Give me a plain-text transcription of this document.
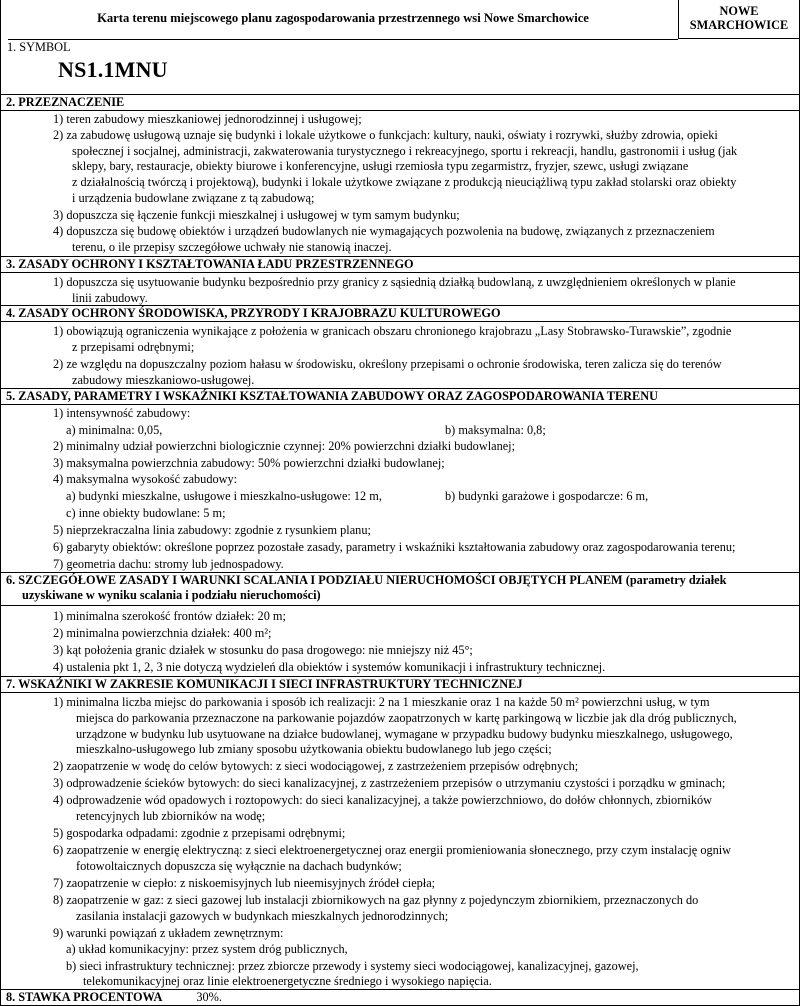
Karta terenu miejscowego planu zagospodarowania przestrzennego wsi Nowe Smarchowice	NOWE
SMARCHOWICE
1. SYMBOL
NS1.1MNU
2. PRZEZNACZENIE
1) teren zabudowy mieszkaniowej jednorodzinnej i usługowej;
2) za zabudowę usługową uznaje się budynki i lokale użytkowe o funkcjach: kultury, nauki, oświaty i rozrywki, służby zdrowia, opieki
społecznej i socjalnej, administracji, zakwaterowania turystycznego i rekreacyjnego, sportu i rekreacji, handlu, gastronomii i usług (jak
sklepy, bary, restauracje, obiekty biurowe i konferencyjne, usługi rzemiosła typu zegarmistrz, fryzjer, szewc, usługi związane
z działalnością twórczą i projektową), budynki i lokale użytkowe związane z produkcją nieuciążliwą typu zakład stolarski oraz obiekty
i urządzenia budowlane związane z tą zabudową;
3) dopuszcza się łączenie funkcji mieszkalnej i usługowej w tym samym budynku;
4) dopuszcza się budowę obiektów i urządzeń budowlanych nie wymagających pozwolenia na budowę, związanych z przeznaczeniem
terenu, o ile przepisy szczegółowe uchwały nie stanowią inaczej.
3. ZASADY OCHRONY I KSZTAŁTOWANIA ŁADU PRZESTRZENNEGO
1) dopuszcza się usytuowanie budynku bezpośrednio przy granicy z sąsiednią działką budowlaną, z uwzględnieniem określonych w planie
linii zabudowy.
4. ZASADY OCHRONY ŚRODOWISKA, PRZYRODY I KRAJOBRAZU KULTUROWEGO
1) obowiązują ograniczenia wynikające z położenia w granicach obszaru chronionego krajobrazu „Lasy Stobrawsko-Turawskie”, zgodnie
z przepisami odrębnymi;
2) ze względu na dopuszczalny poziom hałasu w środowisku, określony przepisami o ochronie środowiska, teren zalicza się do terenów
zabudowy mieszkaniowo-usługowej.
5. ZASADY, PARAMETRY I WSKAŹNIKI KSZTAŁTOWANIA ZABUDOWY ORAZ ZAGOSPODAROWANIA TERENU
1) intensywność zabudowy:
a) minimalna: 0,05,	b) maksymalna: 0,8;
2) minimalny udział powierzchni biologicznie czynnej: 20% powierzchni działki budowlanej;
3) maksymalna powierzchnia zabudowy: 50% powierzchni działki budowlanej;
4) maksymalna wysokość zabudowy:
a) budynki mieszkalne, usługowe i mieszkalno-usługowe: 12 m,	b) budynki garażowe i gospodarcze: 6 m,
c) inne obiekty budowlane: 5 m;
5) nieprzekraczalna linia zabudowy: zgodnie z rysunkiem planu;
6) gabaryty obiektów: określone poprzez pozostałe zasady, parametry i wskaźniki kształtowania zabudowy oraz zagospodarowania terenu;
7) geometria dachu: stromy lub jednospadowy.
6. SZCZEGÓŁOWE ZASADY I WARUNKI SCALANIA I PODZIAŁU NIERUCHOMOŚCI OBJĘTYCH PLANEM (parametry działek
uzyskiwane w wyniku scalania i podziału nieruchomości)
1) minimalna szerokość frontów działek: 20 m;
2) minimalna powierzchnia działek: 400 m²;
3) kąt położenia granic działek w stosunku do pasa drogowego: nie mniejszy niż 45°;
4) ustalenia pkt 1, 2, 3 nie dotyczą wydzieleń dla obiektów i systemów komunikacji i infrastruktury technicznej.
7. WSKAŹNIKI W ZAKRESIE KOMUNIKACJI I SIECI INFRASTRUKTURY TECHNICZNEJ
1) minimalna liczba miejsc do parkowania i sposób ich realizacji: 2 na 1 mieszkanie oraz 1 na każde 50 m² powierzchni usług, w tym
miejsca do parkowania przeznaczone na parkowanie pojazdów zaopatrzonych w kartę parkingową w liczbie jak dla dróg publicznych,
urządzone w budynku lub usytuowane na działce budowlanej, wymagane w przypadku budowy budynku mieszkalnego, usługowego,
mieszkalno-usługowego lub zmiany sposobu użytkowania obiektu budowlanego lub jego części;
2) zaopatrzenie w wodę do celów bytowych: z sieci wodociągowej, z zastrzeżeniem przepisów odrębnych;
3) odprowadzenie ścieków bytowych: do sieci kanalizacyjnej, z zastrzeżeniem przepisów o utrzymaniu czystości i porządku w gminach;
4) odprowadzenie wód opadowych i roztopowych: do sieci kanalizacyjnej, a także powierzchniowo, do dołów chłonnych, zbiorników
retencyjnych lub zbiorników na wodę;
5) gospodarka odpadami: zgodnie z przepisami odrębnymi;
6) zaopatrzenie w energię elektryczną: z sieci elektroenergetycznej oraz energii promieniowania słonecznego, przy czym instalację ogniw
fotowoltaicznych dopuszcza się wyłącznie na dachach budynków;
7) zaopatrzenie w ciepło: z niskoemisyjnych lub nieemisyjnych źródeł ciepła;
8) zaopatrzenie w gaz: z sieci gazowej lub instalacji zbiornikowych na gaz płynny z pojedynczym zbiornikiem, przeznaczonych do
zasilania instalacji gazowych w budynkach mieszkalnych jednorodzinnych;
9) warunki powiązań z układem zewnętrznym:
a) układ komunikacyjny: przez system dróg publicznych,
b) sieci infrastruktury technicznej: przez zbiorcze przewody i systemy sieci wodociągowej, kanalizacyjnej, gazowej,
telekomunikacyjnej oraz linie elektroenergetyczne średniego i wysokiego napięcia.
8. STAWKA PROCENTOWA	30%.
